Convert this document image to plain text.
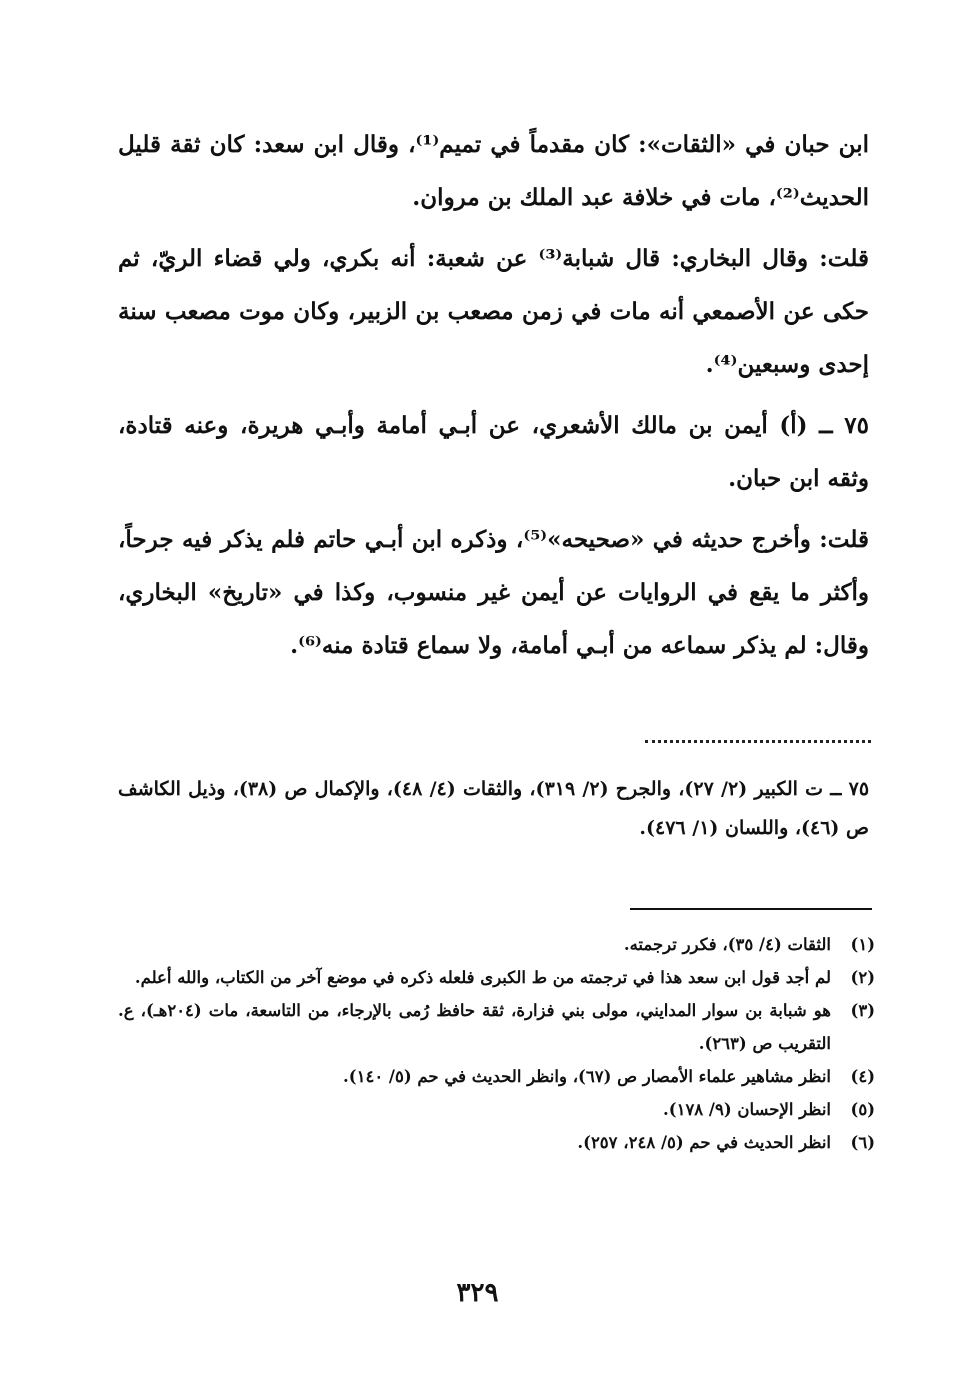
ابن حبان في «الثقات»: كان مقدماً في تميم⁽¹⁾، وقال ابن سعد: كان ثقة قليل الحديث⁽²⁾، مات في خلافة عبد الملك بن مروان.

قلت: وقال البخاري: قال شبابة⁽³⁾ عن شعبة: أنه بكري، ولي قضاء الريّ، ثم حكى عن الأصمعي أنه مات في زمن مصعب بن الزبير، وكان موت مصعب سنة إحدى وسبعين⁽⁴⁾.

٧٥ ــ (أ) أيمن بن مالك الأشعري، عن أبـي أمامة وأبـي هريرة، وعنه قتادة، وثقه ابن حبان.

قلت: وأخرج حديثه في «صحيحه»⁽⁵⁾، وذكره ابن أبـي حاتم فلم يذكر فيه جرحاً، وأكثر ما يقع في الروايات عن أيمن غير منسوب، وكذا في «تاريخ» البخاري، وقال: لم يذكر سماعه من أبـي أمامة، ولا سماع قتادة منه⁽⁶⁾.

٧٥ ــ ت الكبير (٢/ ٢٧)، والجرح (٢/ ٣١٩)، والثقات (٤/ ٤٨)، والإكمال ص (٣٨)، وذيل الكاشف ص (٤٦)، واللسان (١/ ٤٧٦).
(١)
الثقات (٤/ ٣٥)، فكرر ترجمته.
(٢)
لم أجد قول ابن سعد هذا في ترجمته من ط الكبرى فلعله ذكره في موضع آخر من الكتاب، والله أعلم.
(٣)
هو شبابة بن سوار المدايني، مولى بني فزارة، ثقة حافظ رُمى بالإرجاء، من التاسعة، مات (٢٠٤هـ)، ع. التقريب ص (٢٦٣).
(٤)
انظر مشاهير علماء الأمصار ص (٦٧)، وانظر الحديث في حم (٥/ ١٤٠).
(٥)
انظر الإحسان (٩/ ١٧٨).
(٦)
انظر الحديث في حم (٥/ ٢٤٨، ٢٥٧).
٣٢٩
